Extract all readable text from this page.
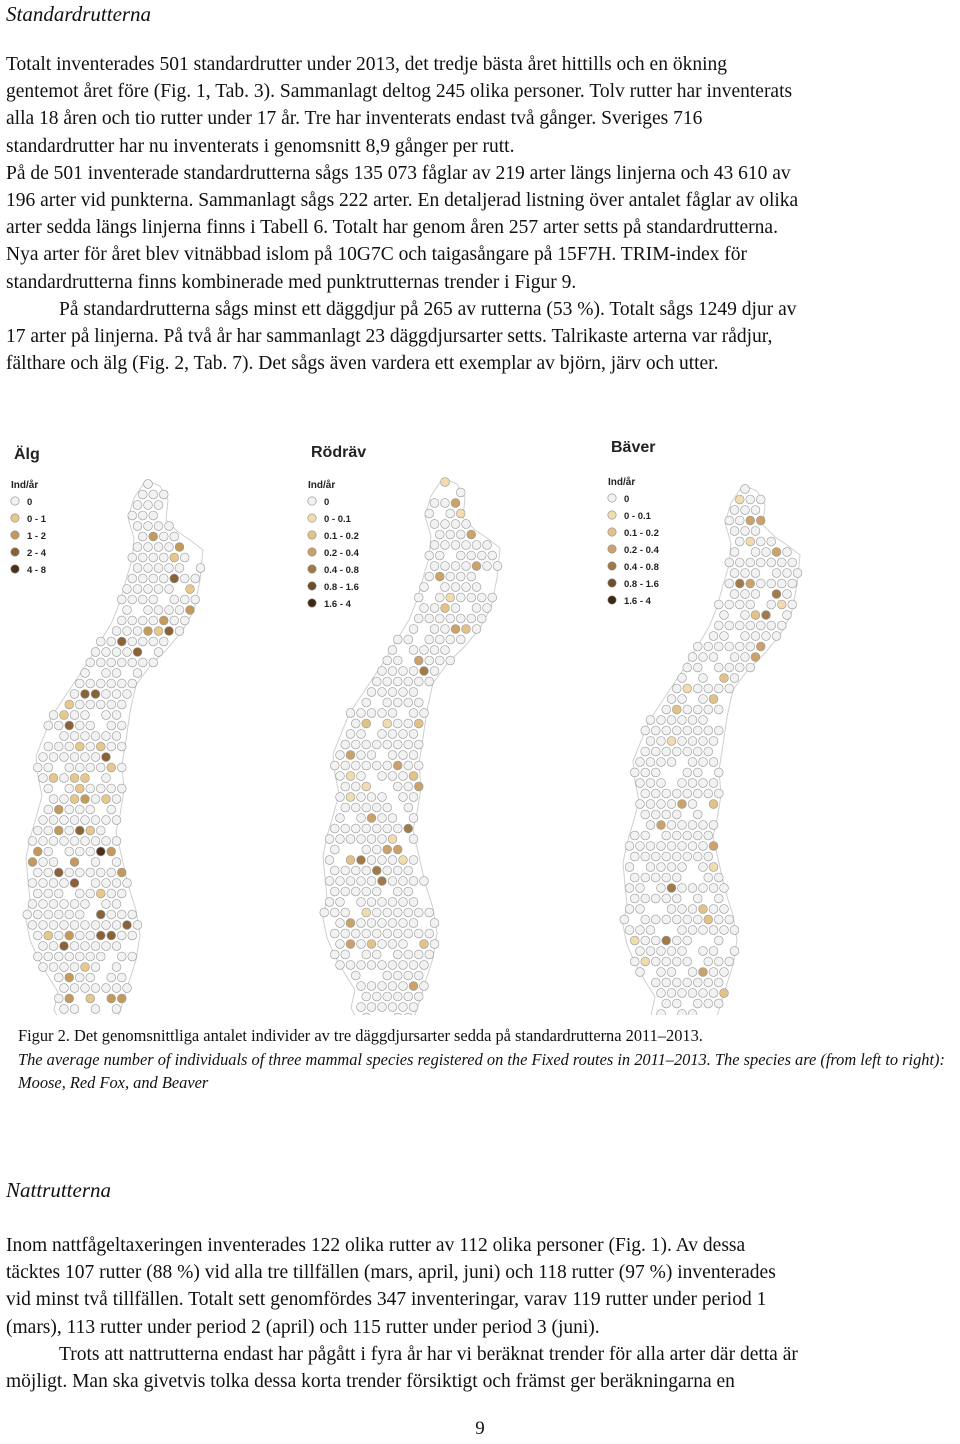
Standardrutterna
Totalt inventerades 501 standardrutter under 2013, det tredje bästa året hittills och en ökning
gentemot året före (Fig. 1, Tab. 3). Sammanlagt deltog 245 olika personer. Tolv rutter har inventerats
alla 18 åren och tio rutter under 17 år. Tre har inventerats endast två gånger. Sveriges 716
standardrutter har nu inventerats i genomsnitt 8,9 gånger per rutt.
På de 501 inventerade standardrutterna sågs 135 073 fåglar av 219 arter längs linjerna och 43 610 av
196 arter vid punkterna. Sammanlagt sågs 222 arter. En detaljerad listning över antalet fåglar av olika
arter sedda längs linjerna finns i Tabell 6. Totalt har genom åren 257 arter setts på standardrutterna.
Nya arter för året blev vitnäbbad islom på 10G7C och taigasångare på 15F7H. TRIM-index för
standardrutterna finns kombinerade med punktrutternas trender i Figur 9.
På standardrutterna sågs minst ett däggdjur på 265 av rutterna (53 %). Totalt sågs 1249 djur av
17 arter på linjerna. På två år har sammanlagt 23 däggdjursarter setts. Talrikaste arterna var rådjur,
fälthare och älg (Fig. 2, Tab. 7). Det sågs även vardera ett exemplar av björn, järv och utter.
Älg
Ind/år
0
0 - 1
1 - 2
2 - 4
4 - 8
Rödräv
Ind/år
0
0 - 0.1
0.1 - 0.2
0.2 - 0.4
0.4 - 0.8
0.8 - 1.6
1.6 - 4
Bäver
Ind/år
0
0 - 0.1
0.1 - 0.2
0.2 - 0.4
0.4 - 0.8
0.8 - 1.6
1.6 - 4
Figur 2. Det genomsnittliga antalet individer av tre däggdjursarter sedda på standardrutterna 2011–2013.
The average number of individuals of three mammal species registered on the Fixed routes in 2011–2013. The species are (from left to right): Moose, Red Fox, and Beaver
Nattrutterna
Inom nattfågeltaxeringen inventerades 122 olika rutter av 112 olika personer (Fig. 1). Av dessa
täcktes 107 rutter (88 %) vid alla tre tillfällen (mars, april, juni) och 118 rutter (97 %) inventerades
vid minst två tillfällen. Totalt sett genomfördes 347 inventeringar, varav 119 rutter under period 1
(mars), 113 rutter under period 2 (april) och 115 rutter under period 3 (juni).
Trots att nattrutterna endast har pågått i fyra år har vi beräknat trender för alla arter där detta är
möjligt. Man ska givetvis tolka dessa korta trender försiktigt och främst ger beräkningarna en
9
